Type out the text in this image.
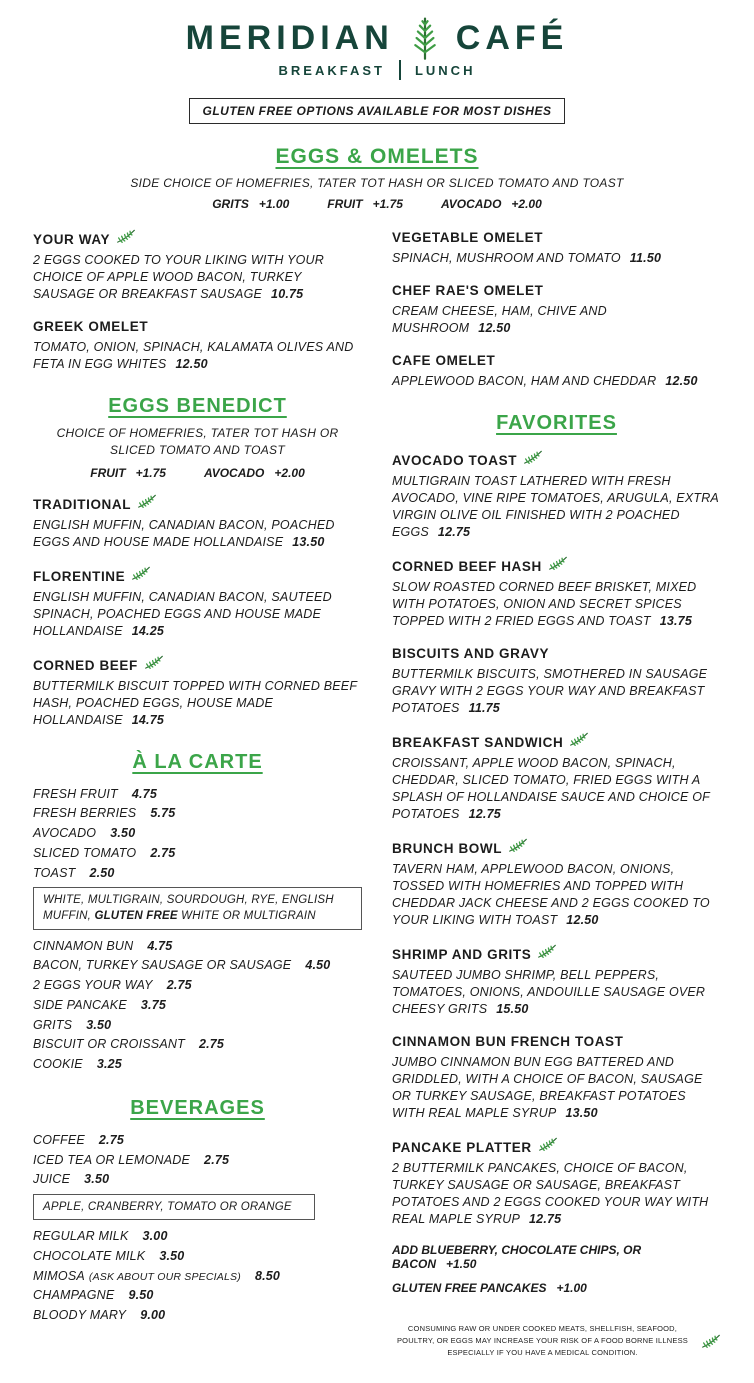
MERIDIAN CAFÉ
BREAKFAST LUNCH
GLUTEN FREE OPTIONS AVAILABLE FOR MOST DISHES
EGGS & OMELETS

SIDE CHOICE OF HOMEFRIES, TATER TOT HASH OR SLICED TOMATO AND TOAST

GRITS +1.00	FRUIT +1.75	AVOCADO +2.00

YOUR WAY

2 EGGS COOKED TO YOUR LIKING WITH YOUR CHOICE OF APPLE WOOD BACON, TURKEY SAUSAGE OR BREAKFAST SAUSAGE 10.75

GREEK OMELET

TOMATO, ONION, SPINACH, KALAMATA OLIVES AND FETA IN EGG WHITES 12.50

EGGS BENEDICT

CHOICE OF HOMEFRIES, TATER TOT HASH OR SLICED TOMATO AND TOAST

FRUIT +1.75	AVOCADO +2.00

TRADITIONAL

ENGLISH MUFFIN, CANADIAN BACON, POACHED EGGS AND HOUSE MADE HOLLANDAISE 13.50

FLORENTINE

ENGLISH MUFFIN, CANADIAN BACON, SAUTEED SPINACH, POACHED EGGS AND HOUSE MADE HOLLANDAISE 14.25

CORNED BEEF

BUTTERMILK BISCUIT TOPPED WITH CORNED BEEF HASH, POACHED EGGS, HOUSE MADE HOLLANDAISE 14.75

À LA CARTE
FRESH FRUIT 4.75
FRESH BERRIES 5.75
AVOCADO 3.50
SLICED TOMATO 2.75
TOAST 2.50
WHITE, MULTIGRAIN, SOURDOUGH, RYE, ENGLISH MUFFIN, GLUTEN FREE WHITE OR MULTIGRAIN
CINNAMON BUN 4.75
BACON, TURKEY SAUSAGE OR SAUSAGE 4.50
2 EGGS YOUR WAY 2.75
SIDE PANCAKE 3.75
GRITS 3.50
BISCUIT OR CROISSANT 2.75
COOKIE 3.25
BEVERAGES
COFFEE 2.75
ICED TEA OR LEMONADE 2.75
JUICE 3.50
APPLE, CRANBERRY, TOMATO OR ORANGE
REGULAR MILK 3.00
CHOCOLATE MILK 3.50
MIMOSA (ASK ABOUT OUR SPECIALS) 8.50
CHAMPAGNE 9.50
BLOODY MARY 9.00
VEGETABLE OMELET

SPINACH, MUSHROOM AND TOMATO 11.50

CHEF RAE'S OMELET

CREAM CHEESE, HAM, CHIVE AND MUSHROOM 12.50

CAFE OMELET

APPLEWOOD BACON, HAM AND CHEDDAR 12.50

FAVORITES
AVOCADO TOAST

MULTIGRAIN TOAST LATHERED WITH FRESH AVOCADO, VINE RIPE TOMATOES, ARUGULA, EXTRA VIRGIN OLIVE OIL FINISHED WITH 2 POACHED EGGS 12.75

CORNED BEEF HASH

SLOW ROASTED CORNED BEEF BRISKET, MIXED WITH POTATOES, ONION AND SECRET SPICES TOPPED WITH 2 FRIED EGGS AND TOAST 13.75

BISCUITS AND GRAVY

BUTTERMILK BISCUITS, SMOTHERED IN SAUSAGE GRAVY WITH 2 EGGS YOUR WAY AND BREAKFAST POTATOES 11.75

BREAKFAST SANDWICH

CROISSANT, APPLE WOOD BACON, SPINACH, CHEDDAR, SLICED TOMATO, FRIED EGGS WITH A SPLASH OF HOLLANDAISE SAUCE AND CHOICE OF POTATOES 12.75

BRUNCH BOWL

TAVERN HAM, APPLEWOOD BACON, ONIONS, TOSSED WITH HOMEFRIES AND TOPPED WITH CHEDDAR JACK CHEESE AND 2 EGGS COOKED TO YOUR LIKING WITH TOAST 12.50

SHRIMP AND GRITS

SAUTEED JUMBO SHRIMP, BELL PEPPERS, TOMATOES, ONIONS, ANDOUILLE SAUSAGE OVER CHEESY GRITS 15.50

CINNAMON BUN FRENCH TOAST

JUMBO CINNAMON BUN EGG BATTERED AND GRIDDLED, WITH A CHOICE OF BACON, SAUSAGE OR TURKEY SAUSAGE, BREAKFAST POTATOES WITH REAL MAPLE SYRUP 13.50

PANCAKE PLATTER

2 BUTTERMILK PANCAKES, CHOICE OF BACON, TURKEY SAUSAGE OR SAUSAGE, BREAKFAST POTATOES AND 2 EGGS COOKED YOUR WAY WITH REAL MAPLE SYRUP 12.75

ADD BLUEBERRY, CHOCOLATE CHIPS, OR BACON +1.50

GLUTEN FREE PANCAKES +1.00

CONSUMING RAW OR UNDER COOKED MEATS, SHELLFISH, SEAFOOD, POULTRY, OR EGGS MAY INCREASE YOUR RISK OF A FOOD BORNE ILLNESS ESPECIALLY IF YOU HAVE A MEDICAL CONDITION.
